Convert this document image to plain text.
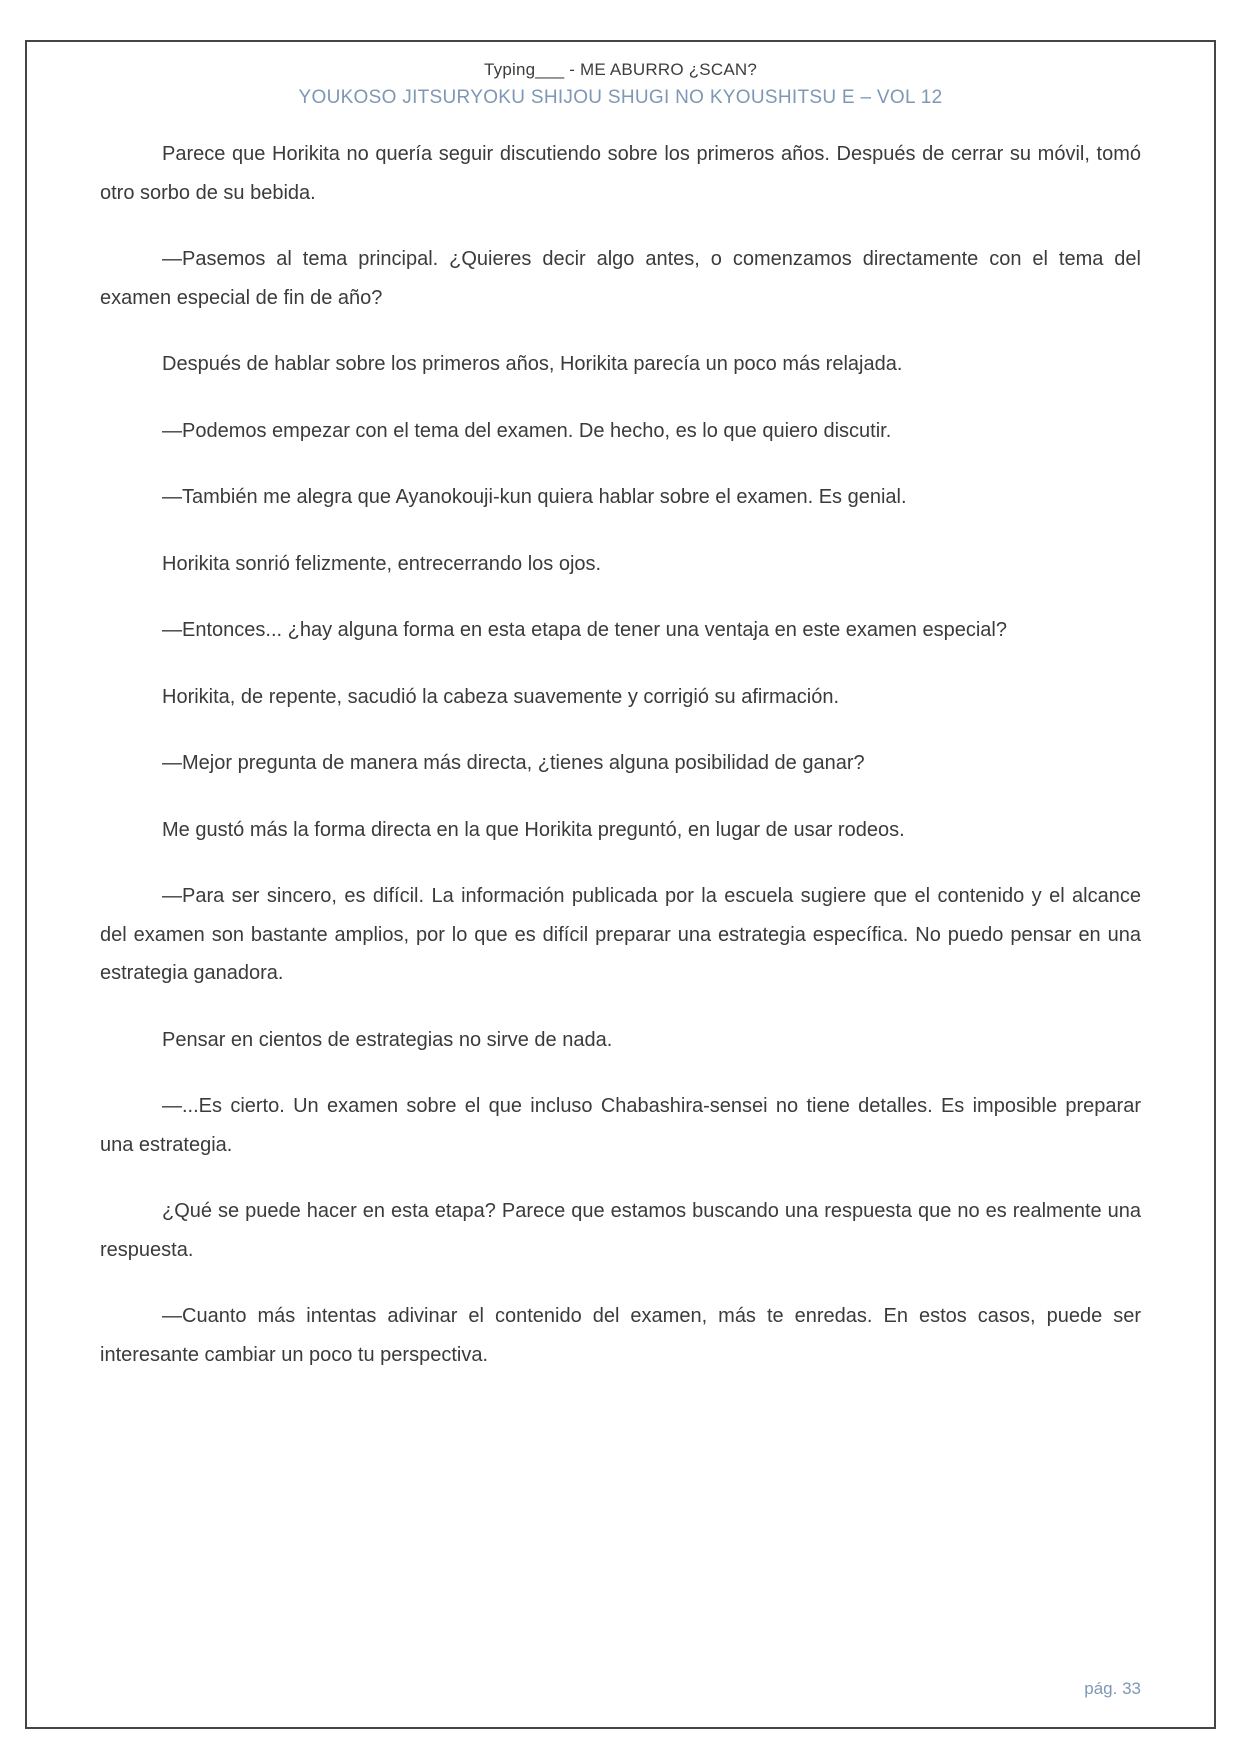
Typing___ - ME ABURRO ¿SCAN?
YOUKOSO JITSURYOKU SHIJOU SHUGI NO KYOUSHITSU E – VOL 12

Parece que Horikita no quería seguir discutiendo sobre los primeros años. Después de cerrar su móvil, tomó otro sorbo de su bebida.

—Pasemos al tema principal. ¿Quieres decir algo antes, o comenzamos directamente con el tema del examen especial de fin de año?

Después de hablar sobre los primeros años, Horikita parecía un poco más relajada.

—Podemos empezar con el tema del examen. De hecho, es lo que quiero discutir.

—También me alegra que Ayanokouji-kun quiera hablar sobre el examen. Es genial.

Horikita sonrió felizmente, entrecerrando los ojos.

—Entonces... ¿hay alguna forma en esta etapa de tener una ventaja en este examen especial?

Horikita, de repente, sacudió la cabeza suavemente y corrigió su afirmación.

—Mejor pregunta de manera más directa, ¿tienes alguna posibilidad de ganar?

Me gustó más la forma directa en la que Horikita preguntó, en lugar de usar rodeos.

—Para ser sincero, es difícil. La información publicada por la escuela sugiere que el contenido y el alcance del examen son bastante amplios, por lo que es difícil preparar una estrategia específica. No puedo pensar en una estrategia ganadora.

Pensar en cientos de estrategias no sirve de nada.

—...Es cierto. Un examen sobre el que incluso Chabashira-sensei no tiene detalles. Es imposible preparar una estrategia.

¿Qué se puede hacer en esta etapa? Parece que estamos buscando una respuesta que no es realmente una respuesta.

—Cuanto más intentas adivinar el contenido del examen, más te enredas. En estos casos, puede ser interesante cambiar un poco tu perspectiva.

pág. 33
